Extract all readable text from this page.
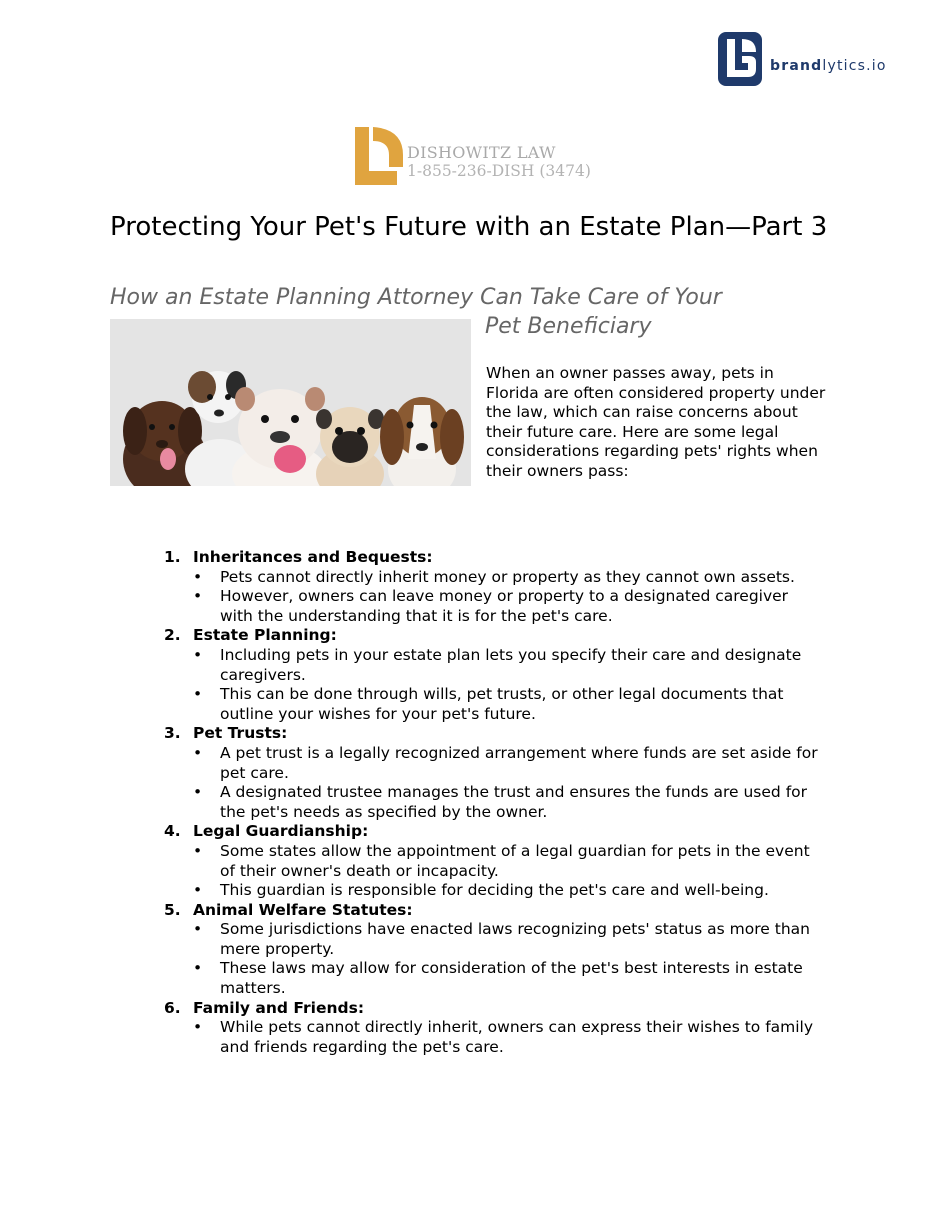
brandlytics.io
DISHOWITZ LAW
1-855-236-DISH (3474)
Protecting Your Pet's Future with an Estate Plan—Part 3
How an Estate Planning Attorney Can Take Care of Your
Pet Beneficiary

When an owner passes away, pets in Florida are often considered property under the law, which can raise concerns about their future care. Here are some legal considerations regarding pets' rights when their owners pass:

1. Inheritances and Bequests:
• Pets cannot directly inherit money or property as they cannot own assets.
• However, owners can leave money or property to a designated caregiver with the understanding that it is for the pet's care.
2. Estate Planning:
• Including pets in your estate plan lets you specify their care and designate caregivers.
• This can be done through wills, pet trusts, or other legal documents that outline your wishes for your pet's future.
3. Pet Trusts:
• A pet trust is a legally recognized arrangement where funds are set aside for pet care.
• A designated trustee manages the trust and ensures the funds are used for the pet's needs as specified by the owner.
4. Legal Guardianship:
• Some states allow the appointment of a legal guardian for pets in the event of their owner's death or incapacity.
• This guardian is responsible for deciding the pet's care and well-being.
5. Animal Welfare Statutes:
• Some jurisdictions have enacted laws recognizing pets' status as more than mere property.
• These laws may allow for consideration of the pet's best interests in estate matters.
6. Family and Friends:
• While pets cannot directly inherit, owners can express their wishes to family and friends regarding the pet's care.
